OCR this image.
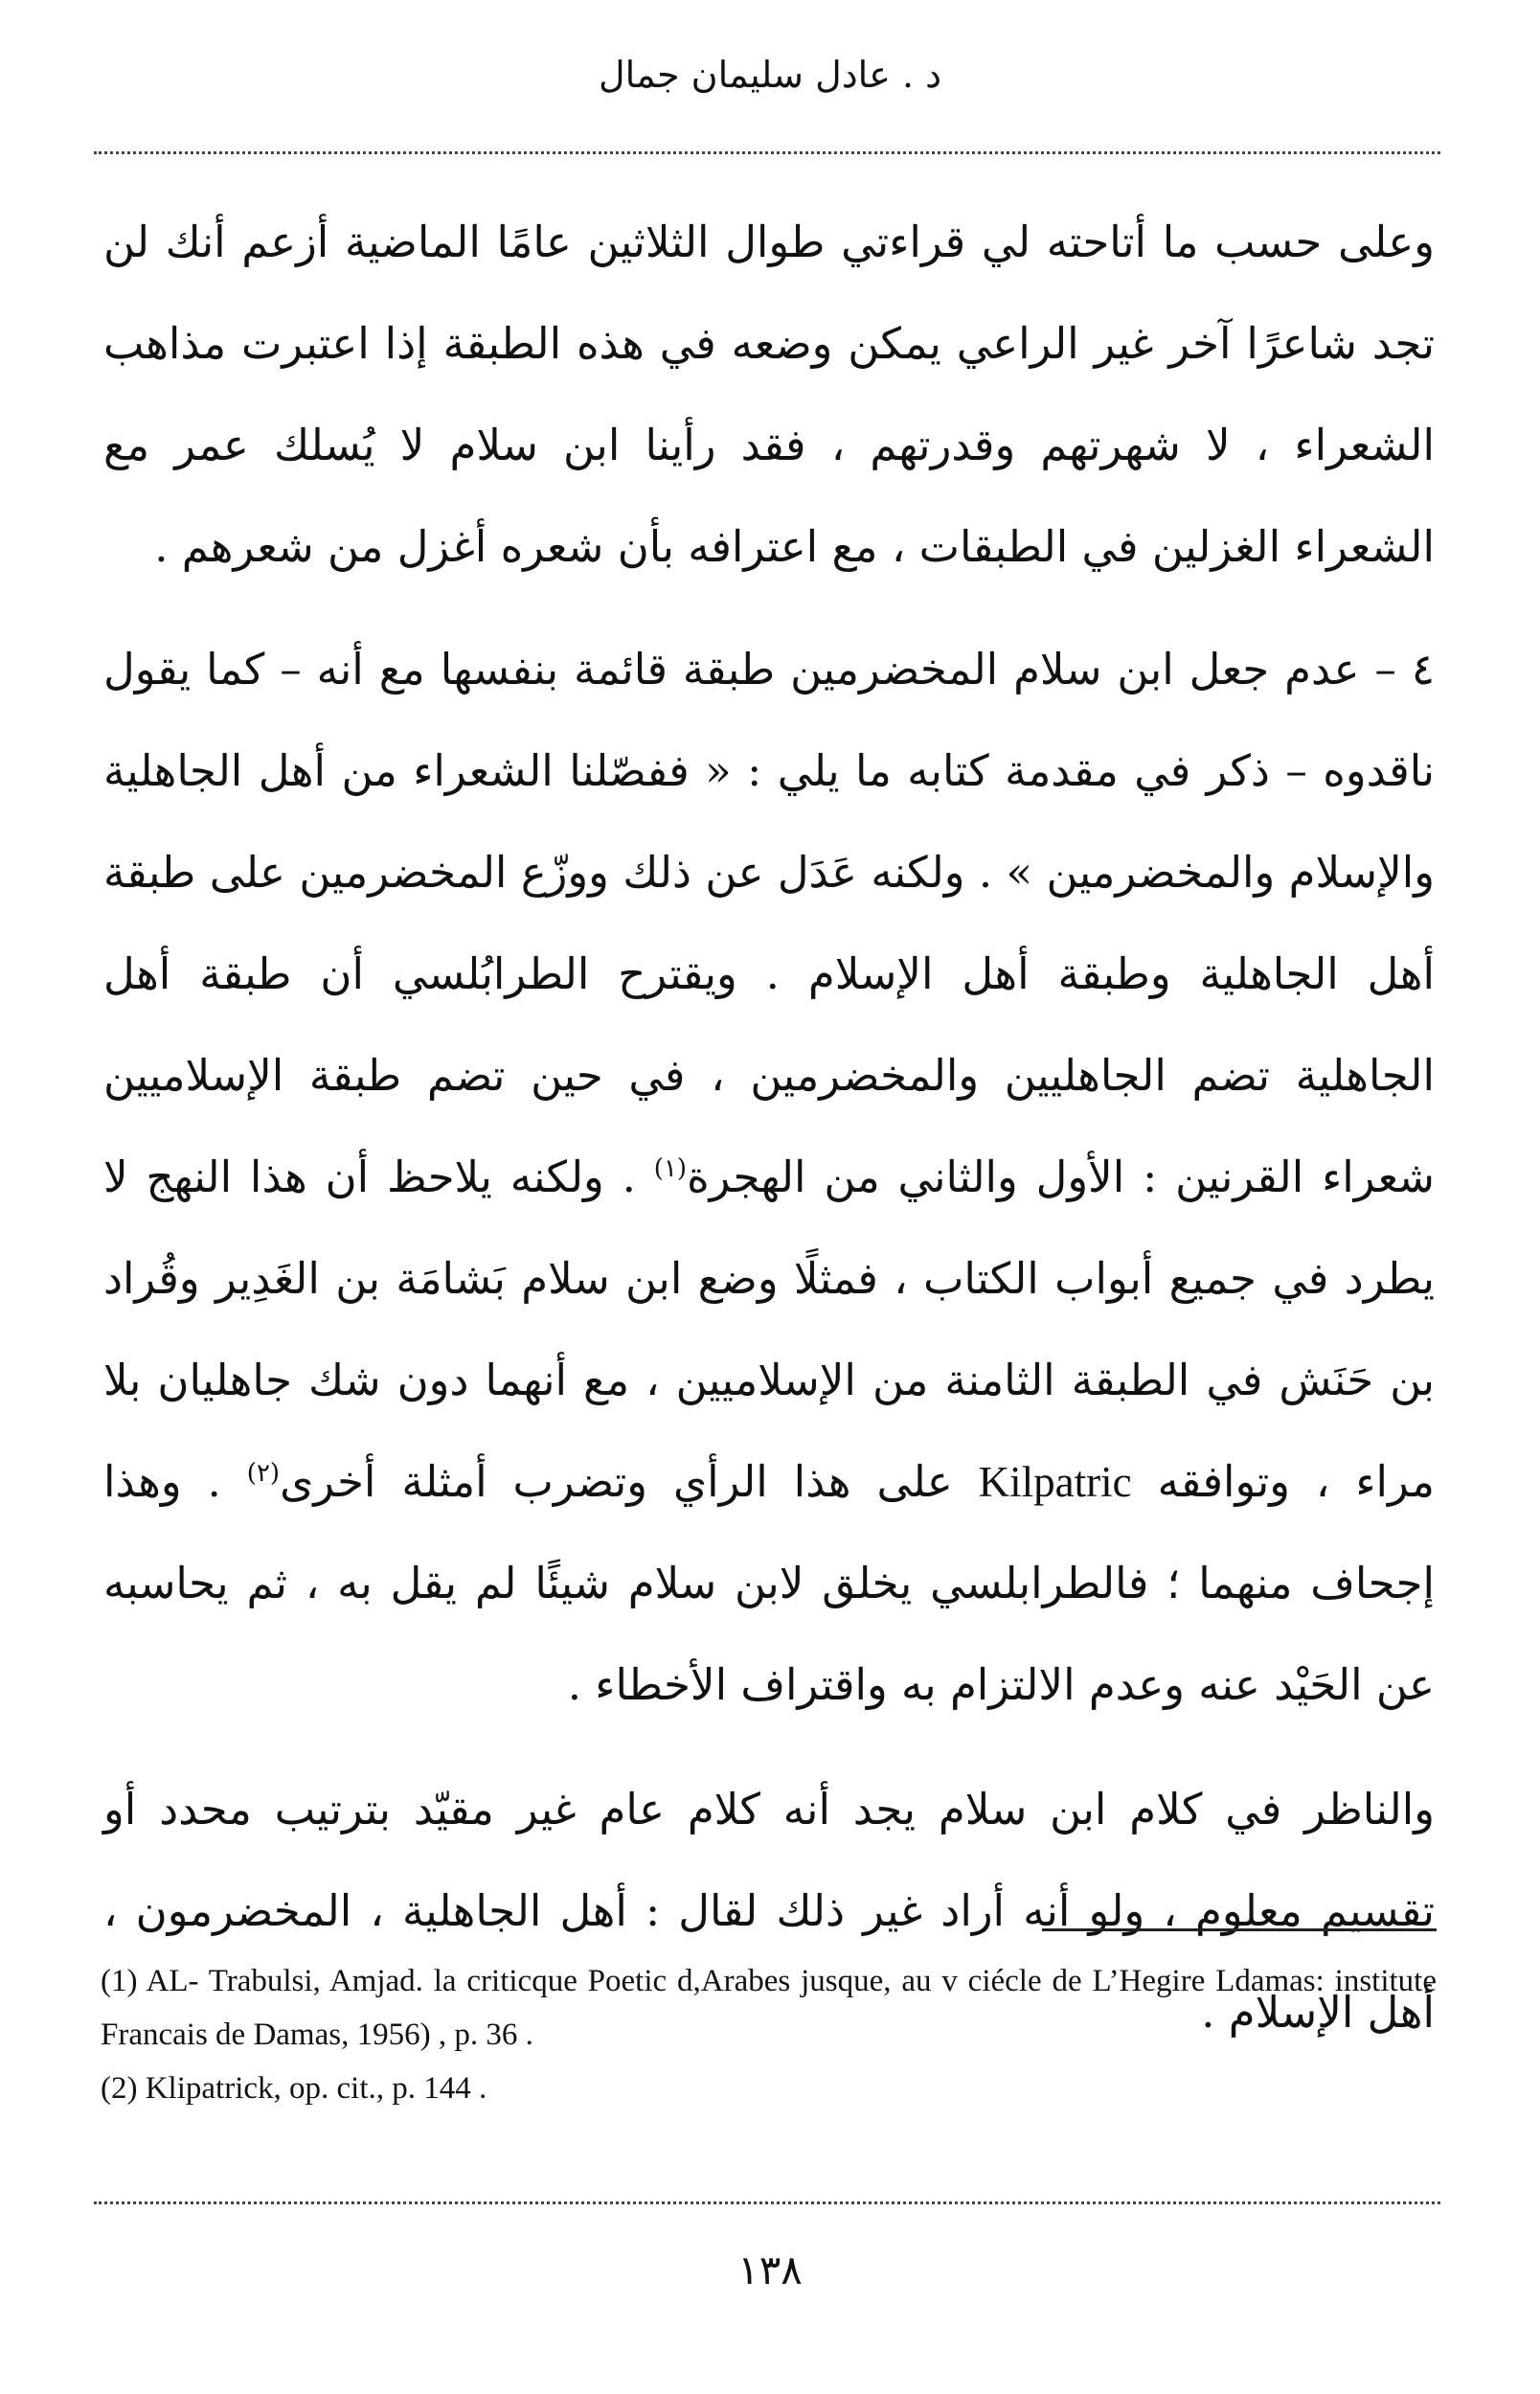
د . عادل سليمان جمال

وعلى حسب ما أتاحته لي قراءتي طوال الثلاثين عامًا الماضية أزعم أنك لن تجد شاعرًا آخر غير الراعي يمكن وضعه في هذه الطبقة إذا اعتبرت مذاهب الشعراء ، لا شهرتهم وقدرتهم ، فقد رأينا ابن سلام لا يُسلك عمر مع الشعراء الغزلين في الطبقات ، مع اعترافه بأن شعره أغزل من شعرهم .

٤ – عدم جعل ابن سلام المخضرمين طبقة قائمة بنفسها مع أنه – كما يقول ناقدوه – ذكر في مقدمة كتابه ما يلي : « ففصّلنا الشعراء من أهل الجاهلية والإسلام والمخضرمين » . ولكنه عَدَل عن ذلك ووزّع المخضرمين على طبقة أهل الجاهلية وطبقة أهل الإسلام . ويقترح الطرابُلسي أن طبقة أهل الجاهلية تضم الجاهليين والمخضرمين ، في حين تضم طبقة الإسلاميين شعراء القرنين : الأول والثاني من الهجرة$^{(١)}$ . ولكنه يلاحظ أن هذا النهج لا يطرد في جميع أبواب الكتاب ، فمثلًا وضع ابن سلام بَشامَة بن الغَدِير وقُراد بن حَنَش في الطبقة الثامنة من الإسلاميين ، مع أنهما دون شك جاهليان بلا مراء ، وتوافقه Kilpatric على هذا الرأي وتضرب أمثلة أخرى$^{(٢)}$ . وهذا إجحاف منهما ؛ فالطرابلسي يخلق لابن سلام شيئًا لم يقل به ، ثم يحاسبه عن الحَيْد عنه وعدم الالتزام به واقتراف الأخطاء .

والناظر في كلام ابن سلام يجد أنه كلام عام غير مقيّد بترتيب محدد أو تقسيم معلوم ، ولو أنه أراد غير ذلك لقال : أهل الجاهلية ، المخضرمون ، أهل الإسلام .

(1) AL- Trabulsi, Amjad. la criticque Poetic d,Arabes jusque, au v ciécle de L’Hegire Ldamas: institute Francais de Damas, 1956) , p. 36 .

(2) Klipatrick, op. cit., p. 144 .

١٣٨
